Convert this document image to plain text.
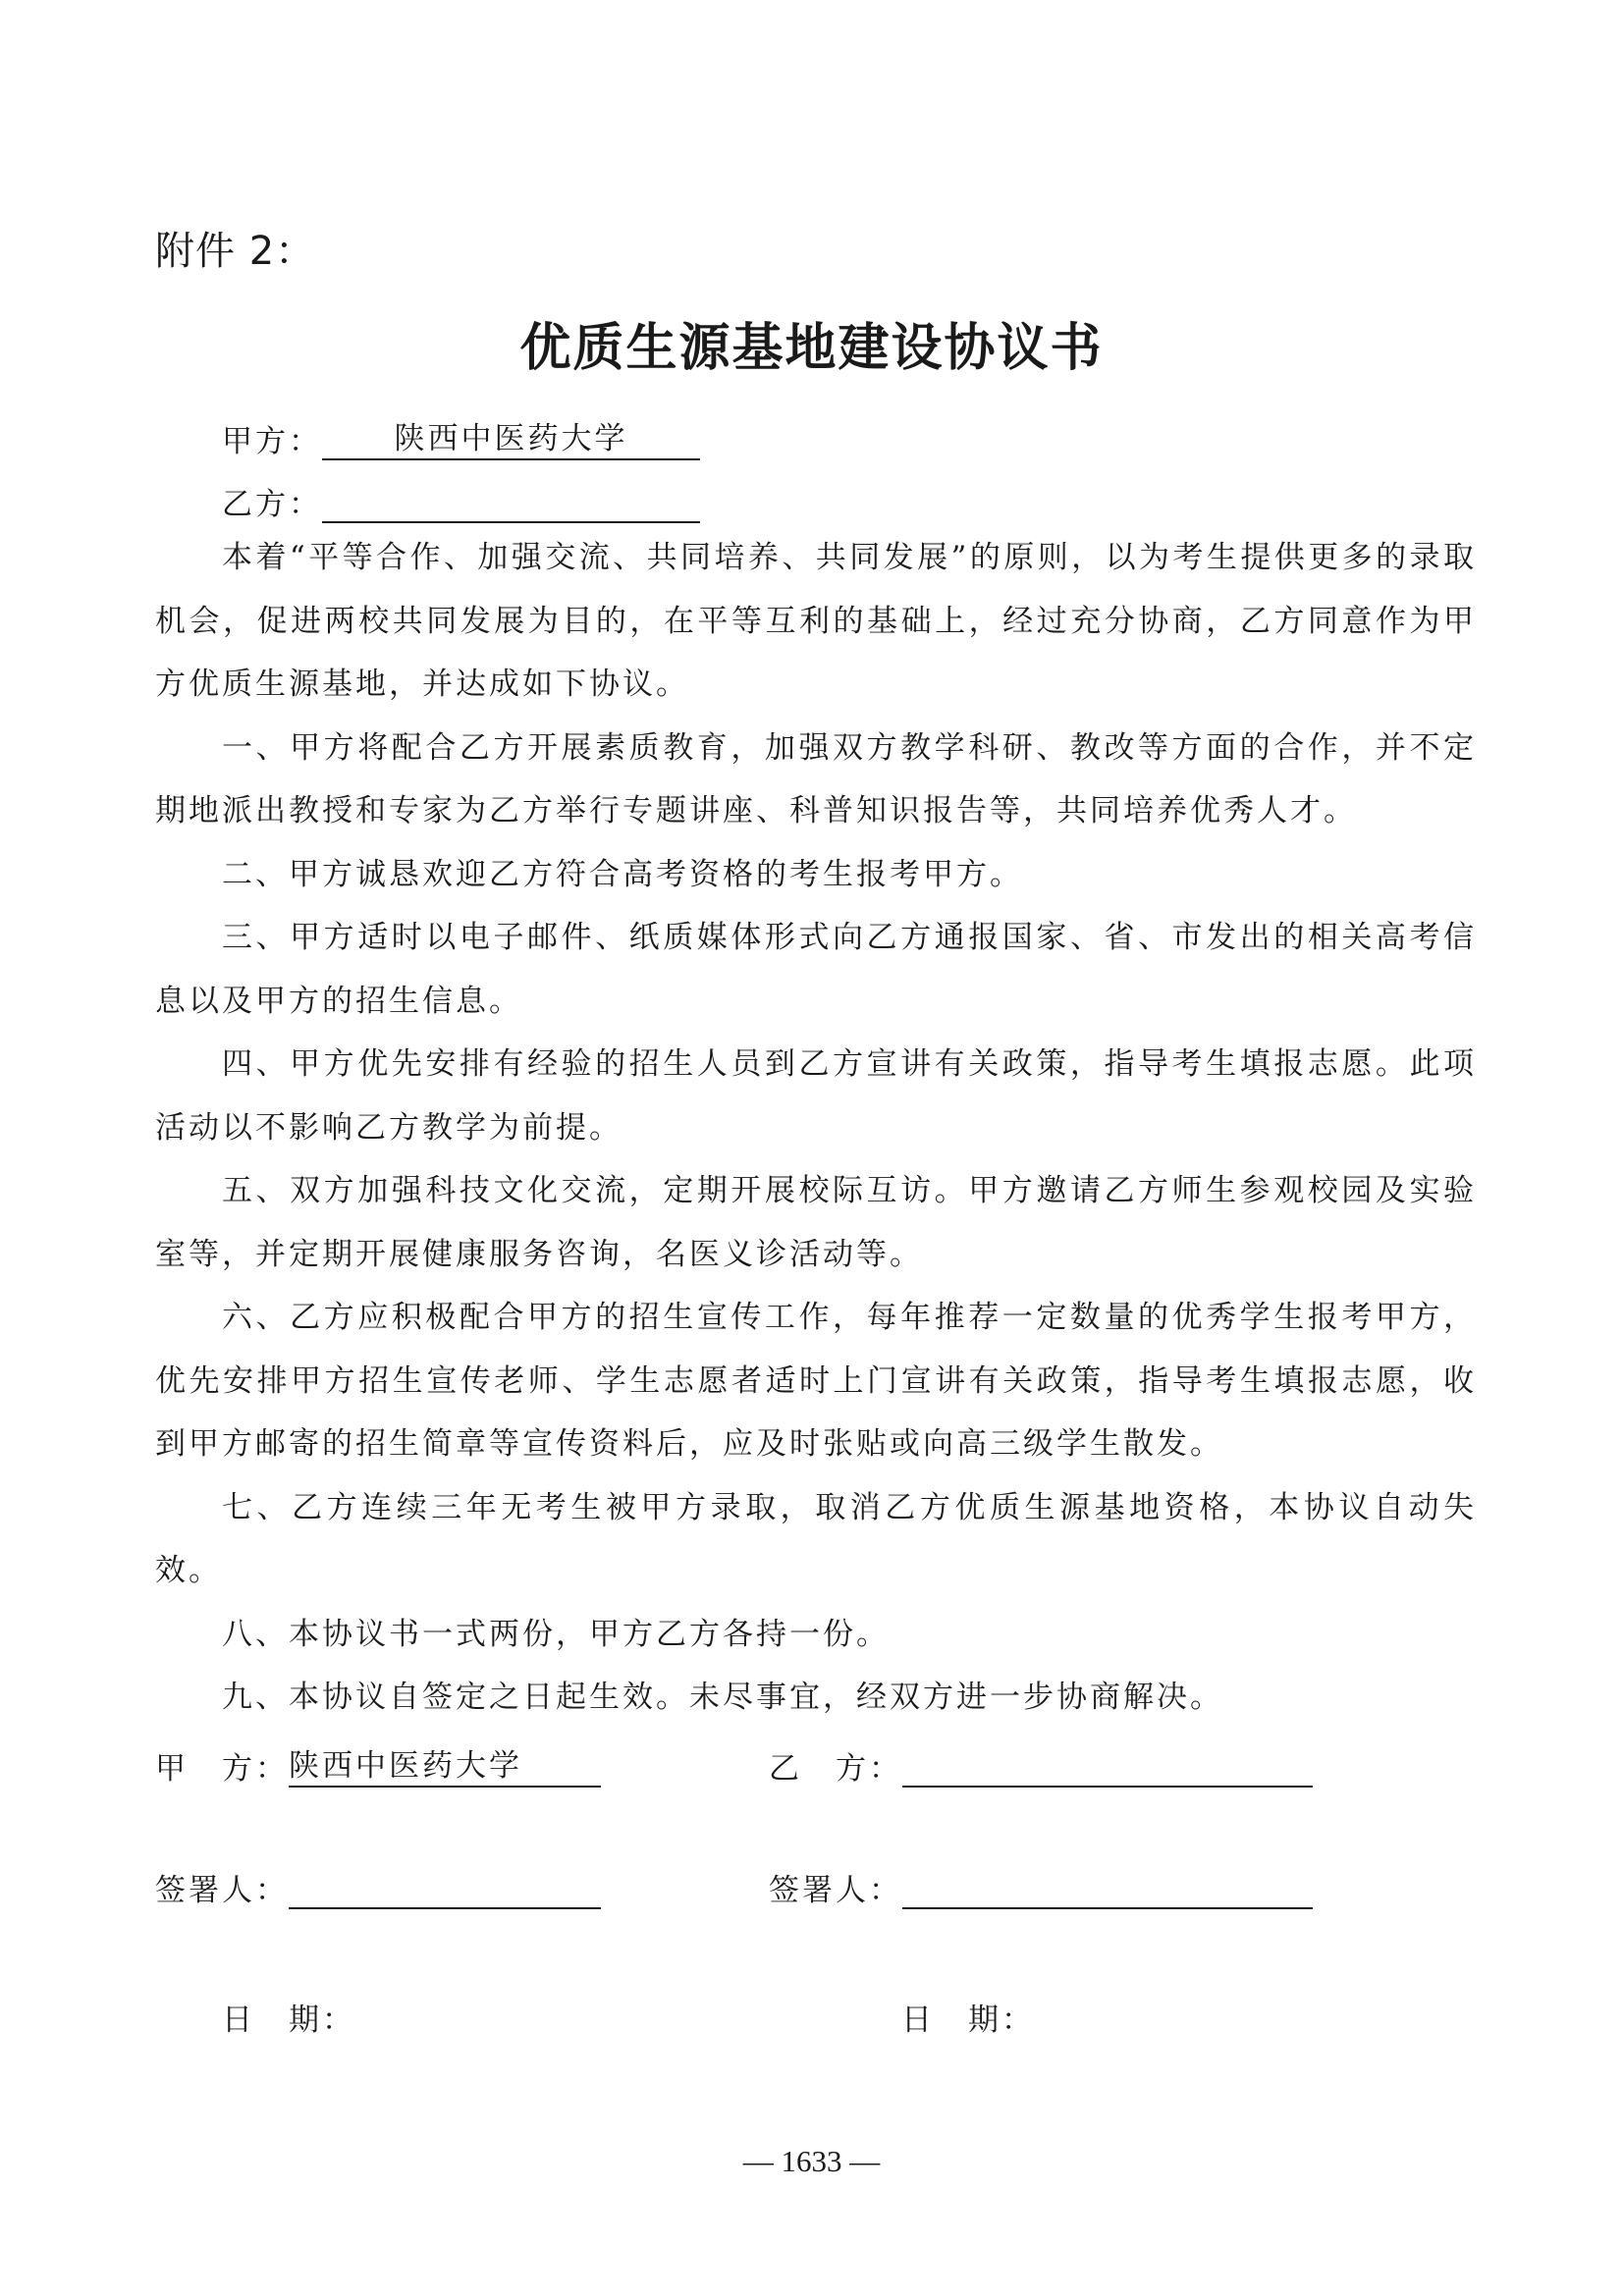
附件 2：
优质生源基地建设协议书
甲方： 陕西中医药大学
乙方：

本着“平等合作、加强交流、共同培养、共同发展”的原则，以为考生提供更多的录取机会，促进两校共同发展为目的，在平等互利的基础上，经过充分协商，乙方同意作为甲方优质生源基地，并达成如下协议。

一、甲方将配合乙方开展素质教育，加强双方教学科研、教改等方面的合作，并不定期地派出教授和专家为乙方举行专题讲座、科普知识报告等，共同培养优秀人才。

二、甲方诚恳欢迎乙方符合高考资格的考生报考甲方。

三、甲方适时以电子邮件、纸质媒体形式向乙方通报国家、省、市发出的相关高考信息以及甲方的招生信息。

四、甲方优先安排有经验的招生人员到乙方宣讲有关政策，指导考生填报志愿。此项活动以不影响乙方教学为前提。

五、双方加强科技文化交流，定期开展校际互访。甲方邀请乙方师生参观校园及实验室等，并定期开展健康服务咨询，名医义诊活动等。

六、乙方应积极配合甲方的招生宣传工作，每年推荐一定数量的优秀学生报考甲方，优先安排甲方招生宣传老师、学生志愿者适时上门宣讲有关政策，指导考生填报志愿，收到甲方邮寄的招生简章等宣传资料后，应及时张贴或向高三级学生散发。

七、乙方连续三年无考生被甲方录取，取消乙方优质生源基地资格，本协议自动失效。

八、本协议书一式两份，甲方乙方各持一份。

九、本协议自签定之日起生效。未尽事宜，经双方进一步协商解决。

甲　方：陕西中医药大学	乙　方：
签署人：	签署人：
日　期：	日　期：
— 1633 —
